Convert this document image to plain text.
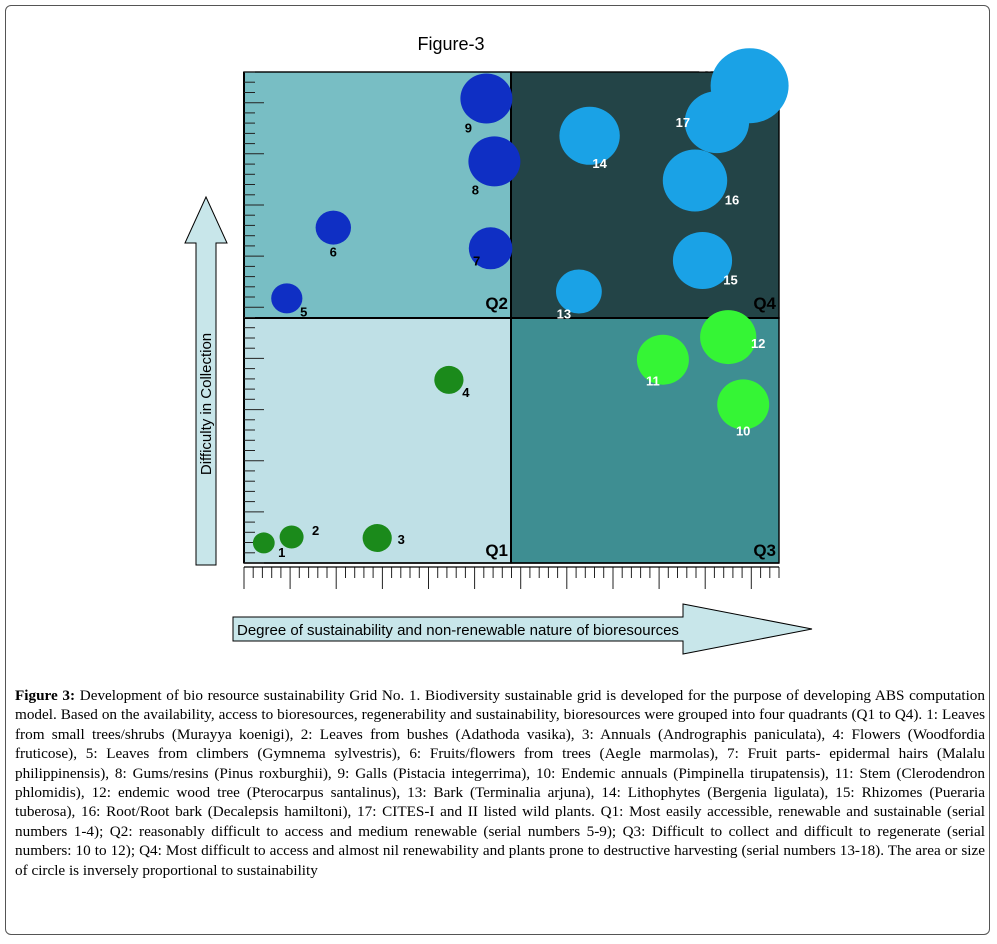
Figure-3
Q1
Q2
Q3
Q4
1
2
3
4
5
6
7
8
9
10
11
12
13
14
15
16
17
18
Difficulty in Collection
Degree of sustainability and non-renewable nature of bioresources
Figure 3: Development of bio resource sustainability Grid No. 1. Biodiversity sustainable grid is developed for the purpose of developing ABS computation model. Based on the availability, access to bioresources, regenerability and sustainability, bioresources were grouped into four quadrants (Q1 to Q4). 1: Leaves from small trees/shrubs (Murayya koenigi), 2: Leaves from bushes (Adathoda vasika), 3: Annuals (Andrographis paniculata), 4: Flowers (Woodfordia fruticose), 5: Leaves from climbers (Gymnema sylvestris), 6: Fruits/flowers from trees (Aegle marmolas), 7: Fruit parts- epidermal hairs (Malalu philippinensis), 8: Gums/resins (Pinus roxburghii), 9: Galls (Pistacia integerrima), 10: Endemic annuals (Pimpinella tirupatensis), 11: Stem (Clerodendron phlomidis), 12: endemic wood tree (Pterocarpus santalinus), 13: Bark (Terminalia arjuna), 14: Lithophytes (Bergenia ligulata), 15: Rhizomes (Pueraria tuberosa), 16: Root/Root bark (Decalepsis hamiltoni), 17: CITES-I and II listed wild plants. Q1: Most easily accessible, renewable and sustainable (serial numbers 1-4); Q2: reasonably difficult to access and medium renewable (serial numbers 5-9); Q3: Difficult to collect and difficult to regenerate (serial numbers: 10 to 12); Q4: Most difficult to access and almost nil renewability and plants prone to destructive harvesting (serial numbers 13-18). The area or size of circle is inversely proportional to sustainability
